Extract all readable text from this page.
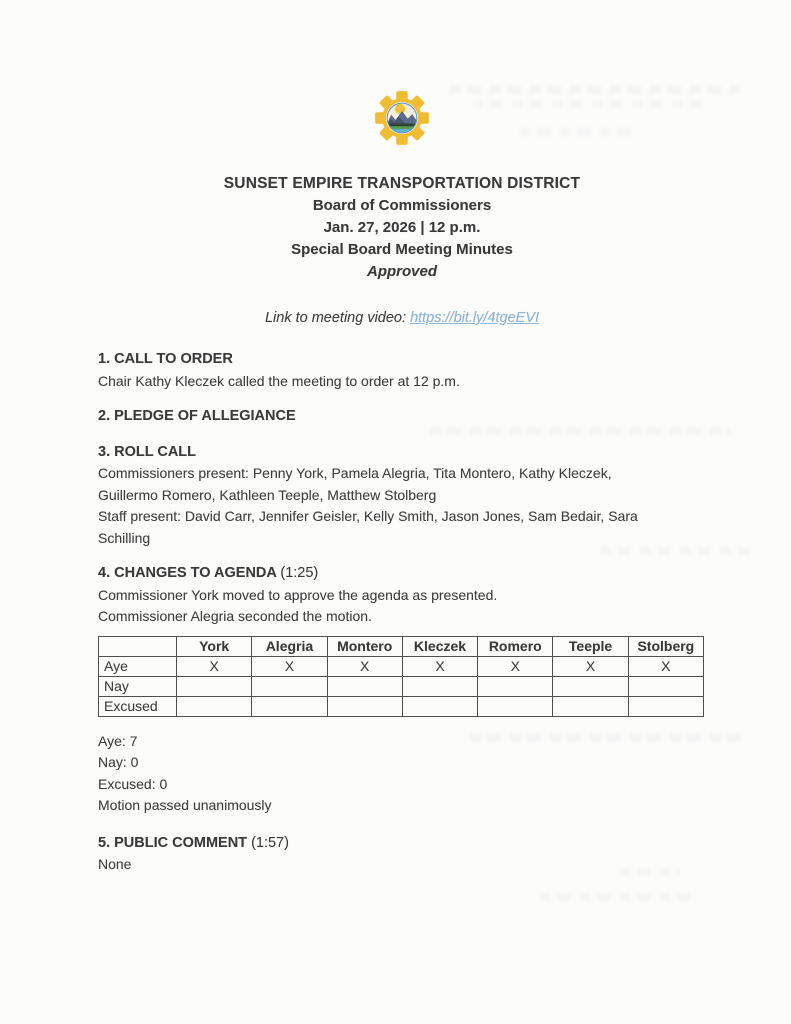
SUNSET EMPIRE TRANSPORTATION DISTRICT
Board of Commissioners
Jan. 27, 2026 | 12 p.m.
Special Board Meeting Minutes
Approved
Link to meeting video: https://bit.ly/4tgeEVI
1. CALL TO ORDER
Chair Kathy Kleczek called the meeting to order at 12 p.m.
2. PLEDGE OF ALLEGIANCE
3. ROLL CALL
Commissioners present: Penny York, Pamela Alegria, Tita Montero, Kathy Kleczek,
Guillermo Romero, Kathleen Teeple, Matthew Stolberg
Staff present: David Carr, Jennifer Geisler, Kelly Smith, Jason Jones, Sam Bedair, Sara
Schilling
4. CHANGES TO AGENDA (1:25)
Commissioner York moved to approve the agenda as presented.
Commissioner Alegria seconded the motion.
	York	Alegria	Montero	Kleczek	Romero	Teeple	Stolberg
Aye	X	X	X	X	X	X	X
Nay							
Excused							
Aye: 7
Nay: 0
Excused: 0
Motion passed unanimously
5. PUBLIC COMMENT (1:57)
None
